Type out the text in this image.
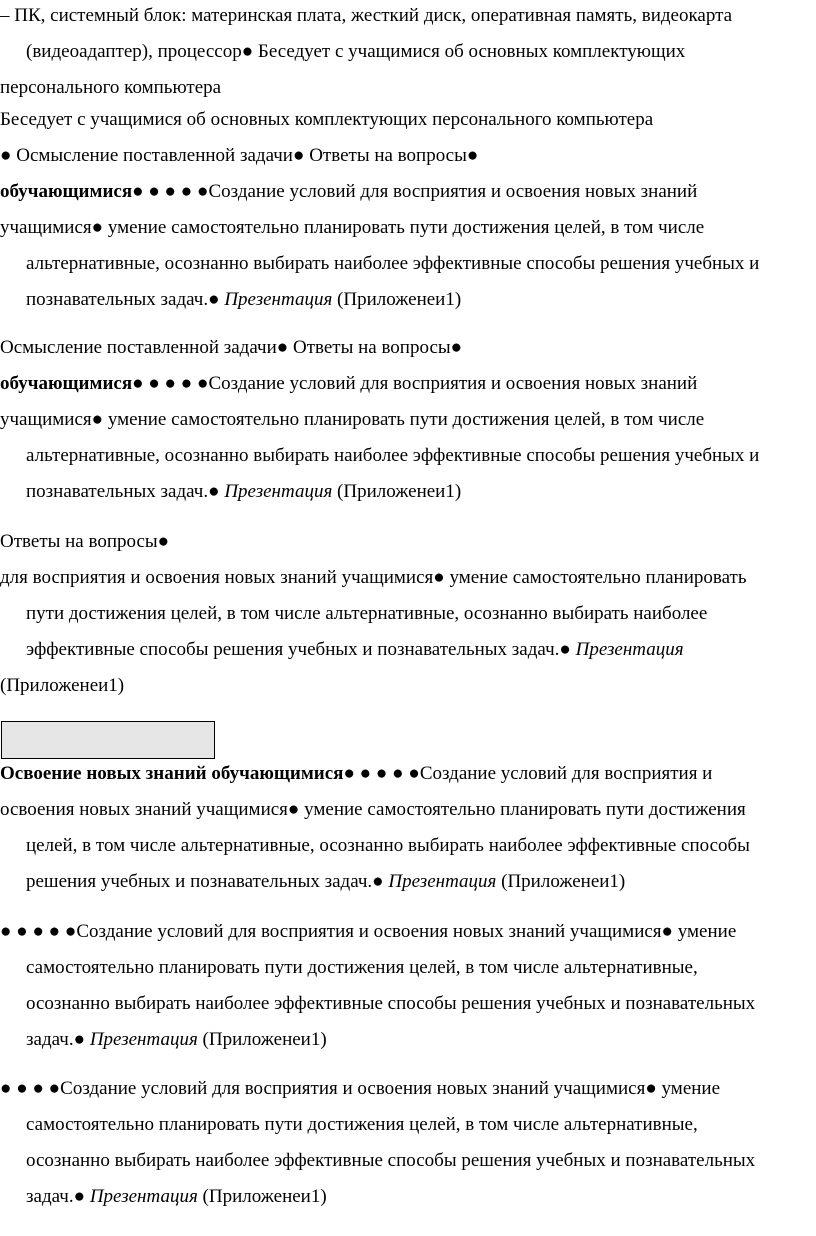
– ПК, системный блок: материнская плата, жесткий диск, оперативная память, видеокарта
(видеоадаптер), процессор● Беседует с учащимися об основных комплектующих
персонального компьютера
Беседует с учащимися об основных комплектующих персонального компьютера
● Осмысление поставленной задачи● Ответы на вопросы●
обучающимися● ● ● ● ●Создание условий для восприятия и освоения новых знаний
учащимися● умение самостоятельно планировать пути достижения целей, в том числе
альтернативные, осознанно выбирать наиболее эффективные способы решения учебных и
познавательных задач.● Презентация (Приложенеи1)
Осмысление поставленной задачи● Ответы на вопросы●
обучающимися● ● ● ● ●Создание условий для восприятия и освоения новых знаний
учащимися● умение самостоятельно планировать пути достижения целей, в том числе
альтернативные, осознанно выбирать наиболее эффективные способы решения учебных и
познавательных задач.● Презентация (Приложенеи1)
Ответы на вопросы●
для восприятия и освоения новых знаний учащимися● умение самостоятельно планировать
пути достижения целей, в том числе альтернативные, осознанно выбирать наиболее
эффективные способы решения учебных и познавательных задач.● Презентация
(Приложенеи1)
Освоение новых знаний обучающимися● ● ● ● ●Создание условий для восприятия и
освоения новых знаний учащимися● умение самостоятельно планировать пути достижения
целей, в том числе альтернативные, осознанно выбирать наиболее эффективные способы
решения учебных и познавательных задач.● Презентация (Приложенеи1)
● ● ● ● ●Создание условий для восприятия и освоения новых знаний учащимися● умение
самостоятельно планировать пути достижения целей, в том числе альтернативные,
осознанно выбирать наиболее эффективные способы решения учебных и познавательных
задач.● Презентация (Приложенеи1)
● ● ● ●Создание условий для восприятия и освоения новых знаний учащимися● умение
самостоятельно планировать пути достижения целей, в том числе альтернативные,
осознанно выбирать наиболее эффективные способы решения учебных и познавательных
задач.● Презентация (Приложенеи1)
